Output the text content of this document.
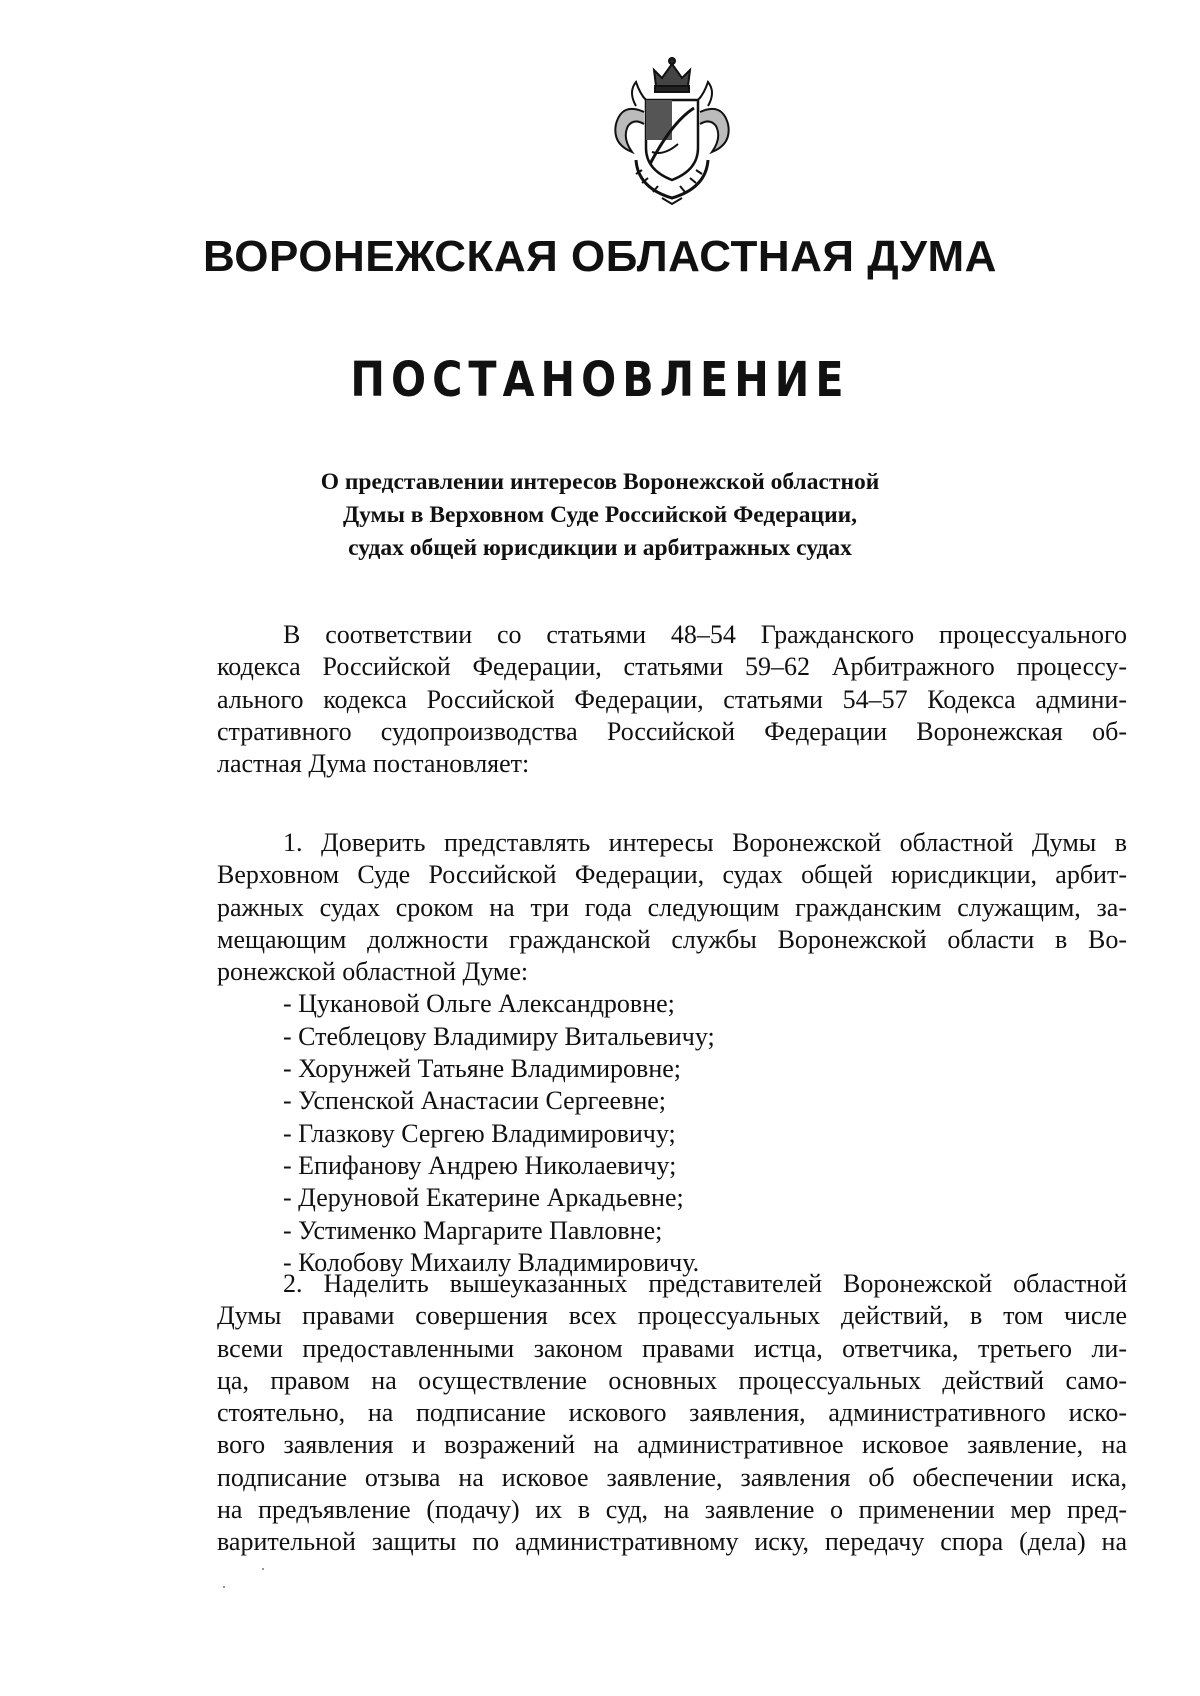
ВОРОНЕЖСКАЯ ОБЛАСТНАЯ ДУМА
ПОСТАНОВЛЕНИЕ
О представлении интересов Воронежской областной
Думы в Верховном Суде Российской Федерации,
судах общей юрисдикции и арбитражных судах
В соответствии со статьями 48–54 Гражданского процессуального
кодекса Российской Федерации, статьями 59–62 Арбитражного процессу-
ального кодекса Российской Федерации, статьями 54–57 Кодекса админи-
стративного судопроизводства Российской Федерации Воронежская об-
ластная Дума постановляет:
1. Доверить представлять интересы Воронежской областной Думы в
Верховном Суде Российской Федерации, судах общей юрисдикции, арбит-
ражных судах сроком на три года следующим гражданским служащим, за-
мещающим должности гражданской службы Воронежской области в Во-
ронежской областной Думе:
- Цукановой Ольге Александровне;
- Стеблецову Владимиру Витальевичу;
- Хорунжей Татьяне Владимировне;
- Успенской Анастасии Сергеевне;
- Глазкову Сергею Владимировичу;
- Епифанову Андрею Николаевичу;
- Деруновой Екатерине Аркадьевне;
- Устименко Маргарите Павловне;
- Колобову Михаилу Владимировичу.
2. Наделить вышеуказанных представителей Воронежской областной
Думы правами совершения всех процессуальных действий, в том числе
всеми предоставленными законом правами истца, ответчика, третьего ли-
ца, правом на осуществление основных процессуальных действий само-
стоятельно, на подписание искового заявления, административного иско-
вого заявления и возражений на административное исковое заявление, на
подписание отзыва на исковое заявление, заявления об обеспечении иска,
на предъявление (подачу) их в суд, на заявление о применении мер пред-
варительной защиты по административному иску, передачу спора (дела) на
